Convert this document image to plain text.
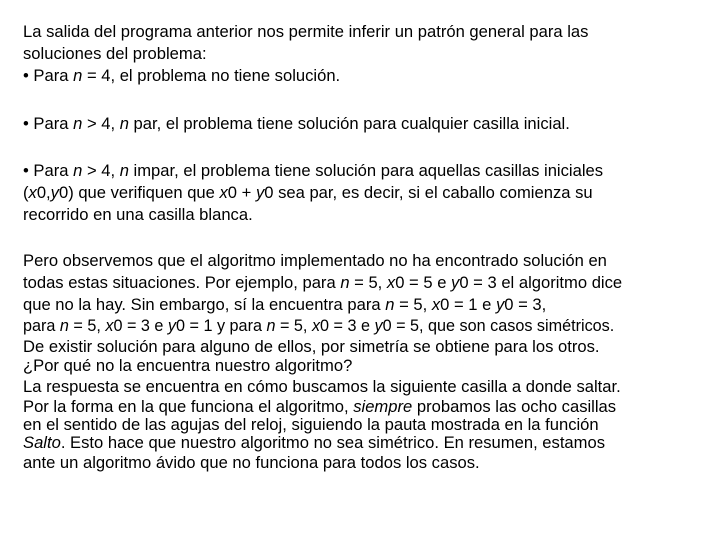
La salida del programa anterior nos permite inferir un patrón general para las
soluciones del problema:
• Para n = 4, el problema no tiene solución.
• Para n > 4, n par, el problema tiene solución para cualquier casilla inicial.
• Para n > 4, n impar, el problema tiene solución para aquellas casillas iniciales
(x0,y0) que verifiquen que x0 + y0 sea par, es decir, si el caballo comienza su
recorrido en una casilla blanca.
Pero observemos que el algoritmo implementado no ha encontrado solución en
todas estas situaciones. Por ejemplo, para n = 5, x0 = 5 e y0 = 3 el algoritmo dice
que no la hay. Sin embargo, sí la encuentra para n = 5, x0 = 1 e y0 = 3,
para n = 5, x0 = 3 e y0 = 1 y para n = 5, x0 = 3 e y0 = 5, que son casos simétricos.
De existir solución para alguno de ellos, por simetría se obtiene para los otros.
¿Por qué no la encuentra nuestro algoritmo?
La respuesta se encuentra en cómo buscamos la siguiente casilla a donde saltar.
Por la forma en la que funciona el algoritmo, siempre probamos las ocho casillas
en el sentido de las agujas del reloj, siguiendo la pauta mostrada en la función
Salto. Esto hace que nuestro algoritmo no sea simétrico. En resumen, estamos
ante un algoritmo ávido que no funciona para todos los casos.
